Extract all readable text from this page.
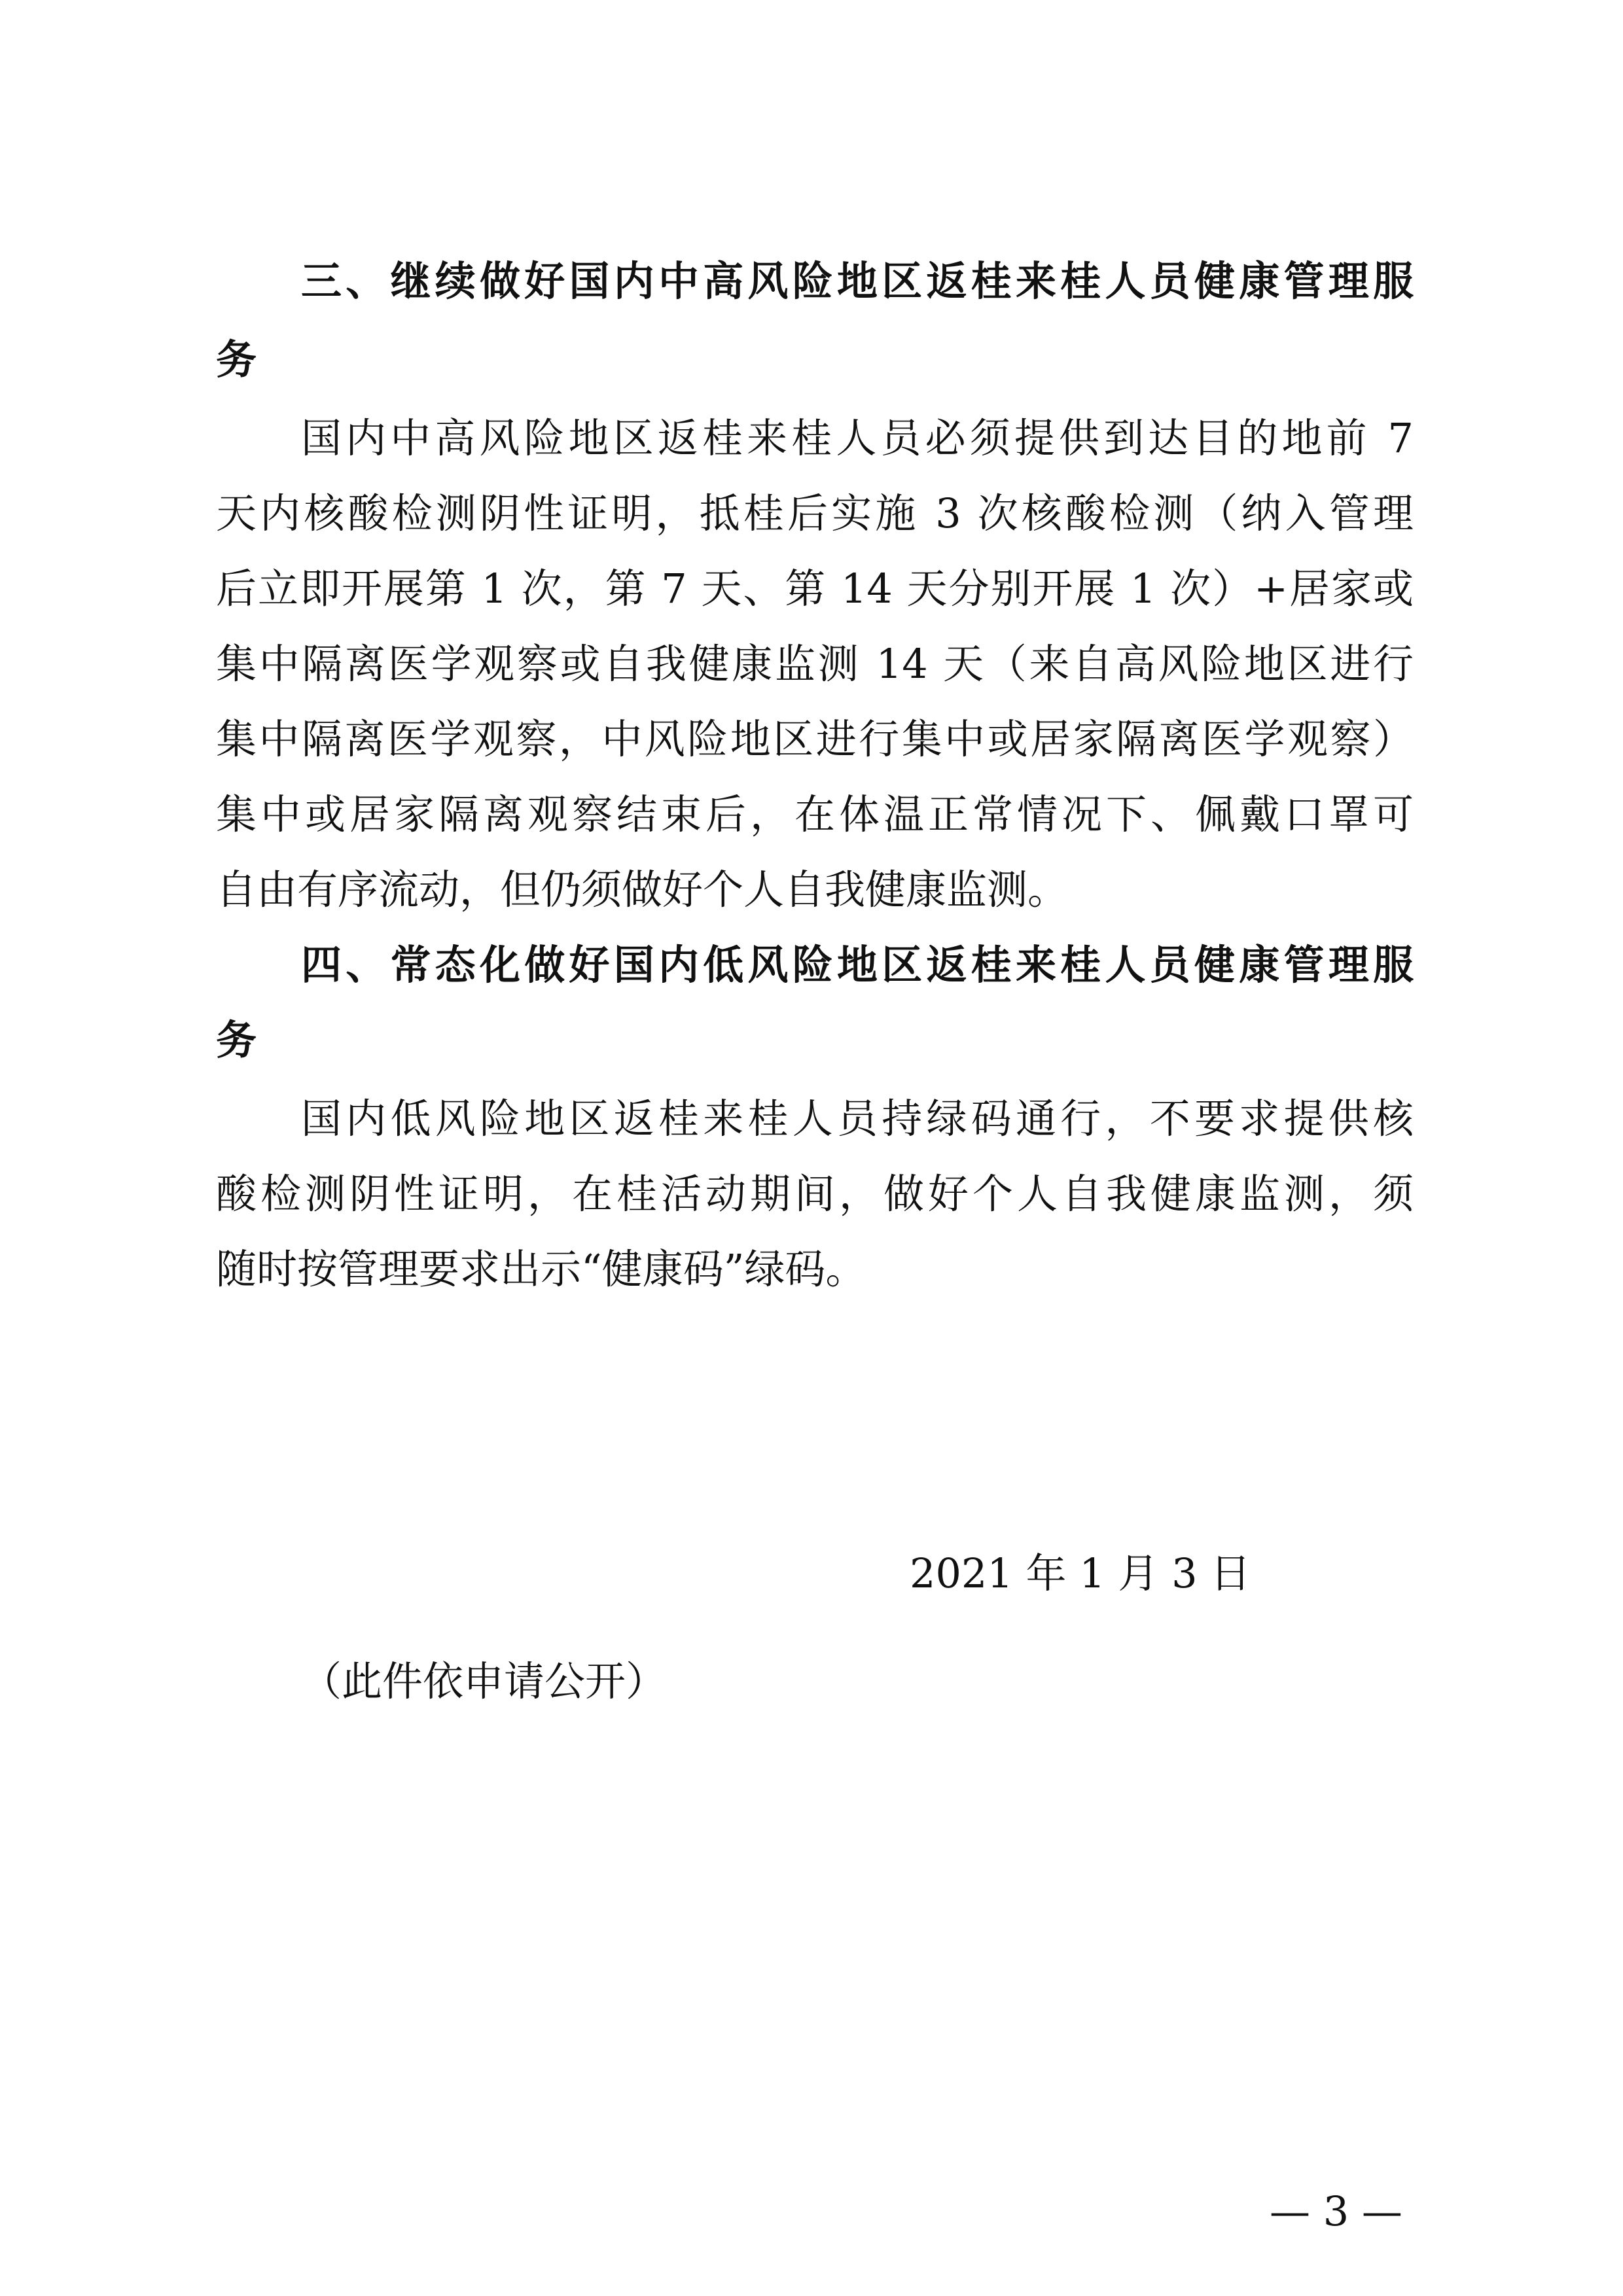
三、继续做好国内中高风险地区返桂来桂人员健康管理服
务
国内中高风险地区返桂来桂人员必须提供到达目的地前 7
天内核酸检测阴性证明，抵桂后实施 3 次核酸检测（纳入管理
后立即开展第 1 次，第 7 天、第 14 天分别开展 1 次）+居家或
集中隔离医学观察或自我健康监测 14 天（来自高风险地区进行
集中隔离医学观察，中风险地区进行集中或居家隔离医学观察）
集中或居家隔离观察结束后，在体温正常情况下、佩戴口罩可
自由有序流动，但仍须做好个人自我健康监测。
四、常态化做好国内低风险地区返桂来桂人员健康管理服
务
国内低风险地区返桂来桂人员持绿码通行，不要求提供核
酸检测阴性证明，在桂活动期间，做好个人自我健康监测，须
随时按管理要求出示“健康码”绿码。
2021 年 1 月 3 日
（此件依申请公开）
— 3 —
